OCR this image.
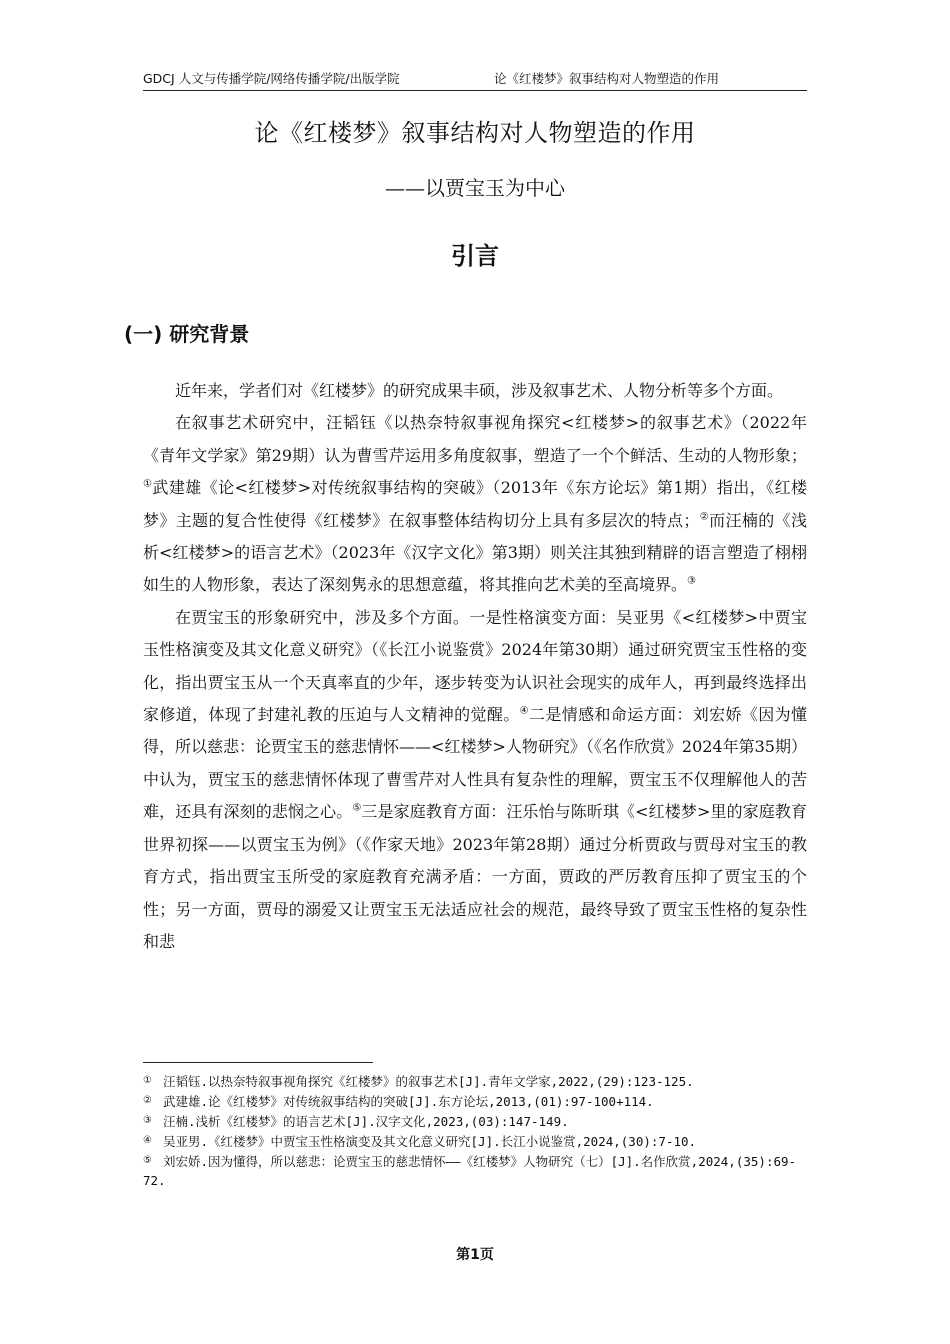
GDCJ 人文与传播学院/网络传播学院/出版学院	论《红楼梦》叙事结构对人物塑造的作用
论《红楼梦》叙事结构对人物塑造的作用
——以贾宝玉为中心
引言
(一) 研究背景

近年来，学者们对《红楼梦》的研究成果丰硕，涉及叙事艺术、人物分析等多个方面。

在叙事艺术研究中，汪韬钰《以热奈特叙事视角探究<红楼梦>的叙事艺术》（2022年《青年文学家》第29期）认为曹雪芹运用多角度叙事，塑造了一个个鲜活、生动的人物形象；①武建雄《论<红楼梦>对传统叙事结构的突破》（2013年《东方论坛》第1期）指出，《红楼梦》主题的复合性使得《红楼梦》在叙事整体结构切分上具有多层次的特点；②而汪楠的《浅析<红楼梦>的语言艺术》（2023年《汉字文化》第3期）则关注其独到精辟的语言塑造了栩栩如生的人物形象，表达了深刻隽永的思想意蕴，将其推向艺术美的至高境界。③

在贾宝玉的形象研究中，涉及多个方面。一是性格演变方面：吴亚男《<红楼梦>中贾宝玉性格演变及其文化意义研究》（《长江小说鉴赏》2024年第30期）通过研究贾宝玉性格的变化，指出贾宝玉从一个天真率直的少年，逐步转变为认识社会现实的成年人，再到最终选择出家修道，体现了封建礼教的压迫与人文精神的觉醒。④二是情感和命运方面：刘宏娇《因为懂得，所以慈悲：论贾宝玉的慈悲情怀——<红楼梦>人物研究》（《名作欣赏》2024年第35期）中认为，贾宝玉的慈悲情怀体现了曹雪芹对人性具有复杂性的理解，贾宝玉不仅理解他人的苦难，还具有深刻的悲悯之心。⑤三是家庭教育方面：汪乐怡与陈昕琪《<红楼梦>里的家庭教育世界初探——以贾宝玉为例》（《作家天地》2023年第28期）通过分析贾政与贾母对宝玉的教育方式，指出贾宝玉所受的家庭教育充满矛盾：一方面，贾政的严厉教育压抑了贾宝玉的个性；另一方面，贾母的溺爱又让贾宝玉无法适应社会的规范，最终导致了贾宝玉性格的复杂性和悲

① 汪韬钰.以热奈特叙事视角探究《红楼梦》的叙事艺术[J].青年文学家,2022,(29):123-125.

② 武建雄.论《红楼梦》对传统叙事结构的突破[J].东方论坛,2013,(01):97-100+114.

③ 汪楠.浅析《红楼梦》的语言艺术[J].汉字文化,2023,(03):147-149.

④ 吴亚男.《红楼梦》中贾宝玉性格演变及其文化意义研究[J].长江小说鉴赏,2024,(30):7-10.

⑤ 刘宏娇.因为懂得，所以慈悲：论贾宝玉的慈悲情怀——《红楼梦》人物研究（七）[J].名作欣赏,2024,(35):69-72.

第1页
